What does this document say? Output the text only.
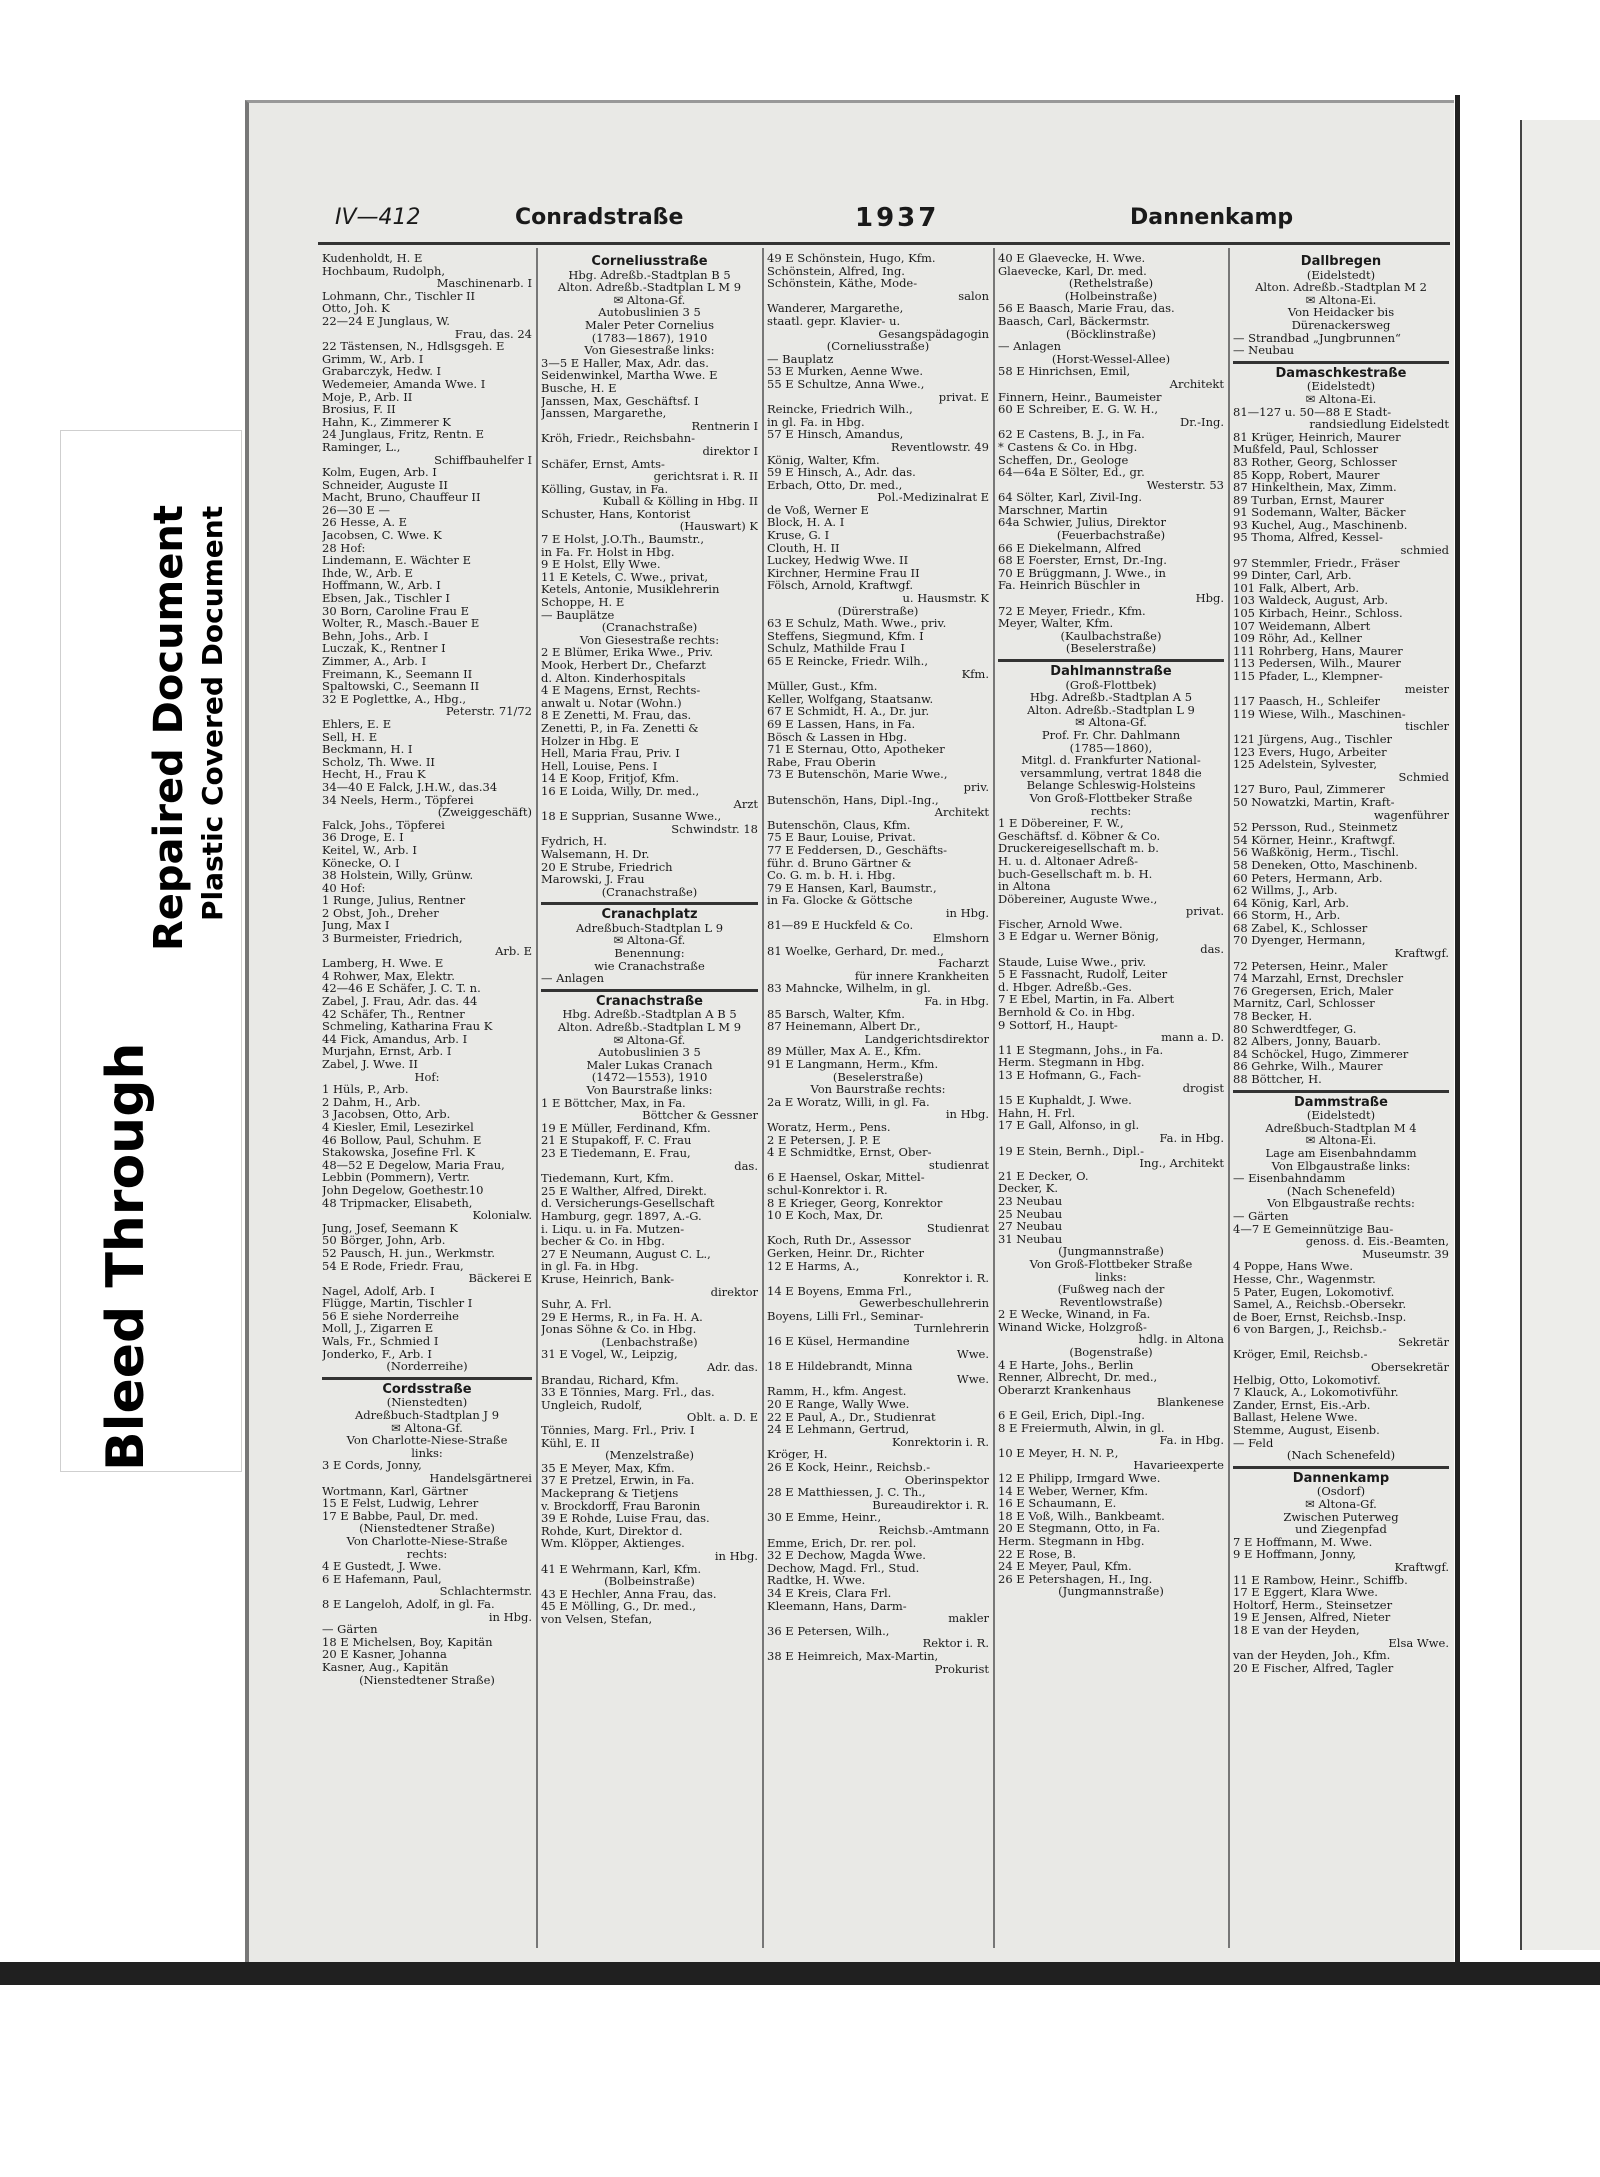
Bleed Through
Repaired Document Plastic Covered Document
IV—412	Conradstraße	1937	Dannenkamp

Kudenholdt, H. E

Hochbaum, Rudolph,

Maschinenarb. I

Lohmann, Chr., Tischler II

Otto, Joh. K

22—24 E Junglaus, W.

Frau, das. 24

22 Tästensen, N., Hdlsgsgeh. E

Grimm, W., Arb. I

Grabarczyk, Hedw. I

Wedemeier, Amanda Wwe. I

Moje, P., Arb. II

Brosius, F. II

Hahn, K., Zimmerer K

24 Junglaus, Fritz, Rentn. E

Raminger, L.,

Schiffbauhelfer I

Kolm, Eugen, Arb. I

Schneider, Auguste II

Macht, Bruno, Chauffeur II

26—30 E —

26 Hesse, A. E

Jacobsen, C. Wwe. K

28 Hof:

Lindemann, E. Wächter E

Ihde, W., Arb. E

Hoffmann, W., Arb. I

Ebsen, Jak., Tischler I

30 Born, Caroline Frau E

Wolter, R., Masch.-Bauer E

Behn, Johs., Arb. I

Luczak, K., Rentner I

Zimmer, A., Arb. I

Freimann, K., Seemann II

Spaltowski, C., Seemann II

32 E Poglettke, A., Hbg.,

Peterstr. 71/72

Ehlers, E. E

Sell, H. E

Beckmann, H. I

Scholz, Th. Wwe. II

Hecht, H., Frau K

34—40 E Falck, J.H.W., das.34

34 Neels, Herm., Töpferei

(Zweiggeschäft)

Falck, Johs., Töpferei

36 Droge, E. I

Keitel, W., Arb. I

Könecke, O. I

38 Holstein, Willy, Grünw.

40 Hof:

1 Runge, Julius, Rentner

2 Obst, Joh., Dreher

Jung, Max I

3 Burmeister, Friedrich,

Arb. E

Lamberg, H. Wwe. E

4 Rohwer, Max, Elektr.

42—46 E Schäfer, J. C. T. n.

Zabel, J. Frau, Adr. das. 44

42 Schäfer, Th., Rentner

Schmeling, Katharina Frau K

44 Fick, Amandus, Arb. I

Murjahn, Ernst, Arb. I

Zabel, J. Wwe. II

Hof:

1 Hüls, P., Arb.

2 Dahm, H., Arb.

3 Jacobsen, Otto, Arb.

4 Kiesler, Emil, Lesezirkel

46 Bollow, Paul, Schuhm. E

Stakowska, Josefine Frl. K

48—52 E Degelow, Maria Frau,

Lebbin (Pommern), Vertr.

John Degelow, Goethestr.10

48 Tripmacker, Elisabeth,

Kolonialw.

Jung, Josef, Seemann K

50 Börger, John, Arb.

52 Pausch, H. jun., Werkmstr.

54 E Rode, Friedr. Frau,

Bäckerei E

Nagel, Adolf, Arb. I

Flügge, Martin, Tischler I

56 E siehe Norderreihe

Moll, J., Zigarren E

Wals, Fr., Schmied I

Jonderko, F., Arb. I

(Norderreihe)

Cordsstraße

(Nienstedten)

Adreßbuch-Stadtplan J 9

✉ Altona-Gf.

Von Charlotte-Niese-Straße

links:

3 E Cords, Jonny,

Handelsgärtnerei

Wortmann, Karl, Gärtner

15 E Felst, Ludwig, Lehrer

17 E Babbe, Paul, Dr. med.

(Nienstedtener Straße)

Von Charlotte-Niese-Straße

rechts:

4 E Gustedt, J. Wwe.

6 E Hafemann, Paul,

Schlachtermstr.

8 E Langeloh, Adolf, in gl. Fa.

in Hbg.

— Gärten

18 E Michelsen, Boy, Kapitän

20 E Kasner, Johanna

Kasner, Aug., Kapitän

(Nienstedtener Straße)

Corneliusstraße

Hbg. Adreßb.-Stadtplan B 5

Alton. Adreßb.-Stadtplan L M 9

✉ Altona-Gf.

Autobuslinien 3 5

Maler Peter Cornelius

(1783—1867), 1910

Von Giesestraße links:

3—5 E Haller, Max, Adr. das.

Seidenwinkel, Martha Wwe. E

Busche, H. E

Janssen, Max, Geschäftsf. I

Janssen, Margarethe,

Rentnerin I

Kröh, Friedr., Reichsbahn-

direktor I

Schäfer, Ernst, Amts-

gerichtsrat i. R. II

Kölling, Gustav, in Fa.

Kuball & Kölling in Hbg. II

Schuster, Hans, Kontorist

(Hauswart) K

7 E Holst, J.O.Th., Baumstr.,

in Fa. Fr. Holst in Hbg.

9 E Holst, Elly Wwe.

11 E Ketels, C. Wwe., privat,

Ketels, Antonie, Musiklehrerin

Schoppe, H. E

— Bauplätze

(Cranachstraße)

Von Giesestraße rechts:

2 E Blümer, Erika Wwe., Priv.

Mook, Herbert Dr., Chefarzt

d. Alton. Kinderhospitals

4 E Magens, Ernst, Rechts-

anwalt u. Notar (Wohn.)

8 E Zenetti, M. Frau, das.

Zenetti, P., in Fa. Zenetti &

Holzer in Hbg. E

Hell, Maria Frau, Priv. I

Hell, Louise, Pens. I

14 E Koop, Fritjof, Kfm.

16 E Loida, Willy, Dr. med.,

Arzt

18 E Supprian, Susanne Wwe.,

Schwindstr. 18

Fydrich, H.

Walsemann, H. Dr.

20 E Strube, Friedrich

Marowski, J. Frau

(Cranachstraße)

Cranachplatz

Adreßbuch-Stadtplan L 9

✉ Altona-Gf.

Benennung:

wie Cranachstraße

— Anlagen

Cranachstraße

Hbg. Adreßb.-Stadtplan A B 5

Alton. Adreßb.-Stadtplan L M 9

✉ Altona-Gf.

Autobuslinien 3 5

Maler Lukas Cranach

(1472—1553), 1910

Von Baurstraße links:

1 E Böttcher, Max, in Fa.

Böttcher & Gessner

19 E Müller, Ferdinand, Kfm.

21 E Stupakoff, F. C. Frau

23 E Tiedemann, E. Frau,

das.

Tiedemann, Kurt, Kfm.

25 E Walther, Alfred, Direkt.

d. Versicherungs-Gesellschaft

Hamburg, gegr. 1897, A.-G.

i. Liqu. u. in Fa. Mutzen-

becher & Co. in Hbg.

27 E Neumann, August C. L.,

in gl. Fa. in Hbg.

Kruse, Heinrich, Bank-

direktor

Suhr, A. Frl.

29 E Herms, R., in Fa. H. A.

Jonas Söhne & Co. in Hbg.

(Lenbachstraße)

31 E Vogel, W., Leipzig,

Adr. das.

Brandau, Richard, Kfm.

33 E Tönnies, Marg. Frl., das.

Ungleich, Rudolf,

Oblt. a. D. E

Tönnies, Marg. Frl., Priv. I

Kühl, E. II

(Menzelstraße)

35 E Meyer, Max, Kfm.

37 E Pretzel, Erwin, in Fa.

Mackeprang & Tietjens

v. Brockdorff, Frau Baronin

39 E Rohde, Luise Frau, das.

Rohde, Kurt, Direktor d.

Wm. Klöpper, Aktienges.

in Hbg.

41 E Wehrmann, Karl, Kfm.

(Bolbeinstraße)

43 E Hechler, Anna Frau, das.

45 E Mölling, G., Dr. med.,

von Velsen, Stefan,

49 E Schönstein, Hugo, Kfm.

Schönstein, Alfred, Ing.

Schönstein, Käthe, Mode-

salon

Wanderer, Margarethe,

staatl. gepr. Klavier- u.

Gesangspädagogin

(Corneliusstraße)

— Bauplatz

53 E Murken, Aenne Wwe.

55 E Schultze, Anna Wwe.,

privat. E

Reincke, Friedrich Wilh.,

in gl. Fa. in Hbg.

57 E Hinsch, Amandus,

Reventlowstr. 49

König, Walter, Kfm.

59 E Hinsch, A., Adr. das.

Erbach, Otto, Dr. med.,

Pol.-Medizinalrat E

de Voß, Werner E

Block, H. A. I

Kruse, G. I

Clouth, H. II

Luckey, Hedwig Wwe. II

Kirchner, Hermine Frau II

Fölsch, Arnold, Kraftwgf.

u. Hausmstr. K

(Dürerstraße)

63 E Schulz, Math. Wwe., priv.

Steffens, Siegmund, Kfm. I

Schulz, Mathilde Frau I

65 E Reincke, Friedr. Wilh.,

Kfm.

Müller, Gust., Kfm.

Keller, Wolfgang, Staatsanw.

67 E Schmidt, H. A., Dr. jur.

69 E Lassen, Hans, in Fa.

Bösch & Lassen in Hbg.

71 E Sternau, Otto, Apotheker

Rabe, Frau Oberin

73 E Butenschön, Marie Wwe.,

priv.

Butenschön, Hans, Dipl.-Ing.,

Architekt

Butenschön, Claus, Kfm.

75 E Baur, Louise, Privat.

77 E Feddersen, D., Geschäfts-

führ. d. Bruno Gärtner &

Co. G. m. b. H. i. Hbg.

79 E Hansen, Karl, Baumstr.,

in Fa. Glocke & Göttsche

in Hbg.

81—89 E Huckfeld & Co.

Elmshorn

81 Woelke, Gerhard, Dr. med.,

Facharzt

für innere Krankheiten

83 Mahncke, Wilhelm, in gl.

Fa. in Hbg.

85 Barsch, Walter, Kfm.

87 Heinemann, Albert Dr.,

Landgerichtsdirektor

89 Müller, Max A. E., Kfm.

91 E Langmann, Herm., Kfm.

(Beselerstraße)

Von Baurstraße rechts:

2a E Woratz, Willi, in gl. Fa.

in Hbg.

Woratz, Herm., Pens.

2 E Petersen, J. P. E

4 E Schmidtke, Ernst, Ober-

studienrat

6 E Haensel, Oskar, Mittel-

schul-Konrektor i. R.

8 E Krieger, Georg, Konrektor

10 E Koch, Max, Dr.

Studienrat

Koch, Ruth Dr., Assessor

Gerken, Heinr. Dr., Richter

12 E Harms, A.,

Konrektor i. R.

14 E Boyens, Emma Frl.,

Gewerbeschullehrerin

Boyens, Lilli Frl., Seminar-

Turnlehrerin

16 E Küsel, Hermandine

Wwe.

18 E Hildebrandt, Minna

Wwe.

Ramm, H., kfm. Angest.

20 E Range, Wally Wwe.

22 E Paul, A., Dr., Studienrat

24 E Lehmann, Gertrud,

Konrektorin i. R.

Kröger, H.

26 E Kock, Heinr., Reichsb.-

Oberinspektor

28 E Matthiessen, J. C. Th.,

Bureaudirektor i. R.

30 E Emme, Heinr.,

Reichsb.-Amtmann

Emme, Erich, Dr. rer. pol.

32 E Dechow, Magda Wwe.

Dechow, Magd. Frl., Stud.

Radtke, H. Wwe.

34 E Kreis, Clara Frl.

Kleemann, Hans, Darm-

makler

36 E Petersen, Wilh.,

Rektor i. R.

38 E Heimreich, Max-Martin,

Prokurist

40 E Glaevecke, H. Wwe.

Glaevecke, Karl, Dr. med.

(Rethelstraße)

(Holbeinstraße)

56 E Baasch, Marie Frau, das.

Baasch, Carl, Bäckermstr.

(Böcklinstraße)

— Anlagen

(Horst-Wessel-Allee)

58 E Hinrichsen, Emil,

Architekt

Finnern, Heinr., Baumeister

60 E Schreiber, E. G. W. H.,

Dr.-Ing.

62 E Castens, B. J., in Fa.

* Castens & Co. in Hbg.

Scheffen, Dr., Geologe

64—64a E Sölter, Ed., gr.

Westerstr. 53

64 Sölter, Karl, Zivil-Ing.

Marschner, Martin

64a Schwier, Julius, Direktor

(Feuerbachstraße)

66 E Diekelmann, Alfred

68 E Foerster, Ernst, Dr.-Ing.

70 E Brüggmann, J. Wwe., in

Fa. Heinrich Büschler in

Hbg.

72 E Meyer, Friedr., Kfm.

Meyer, Walter, Kfm.

(Kaulbachstraße)

(Beselerstraße)

Dahlmannstraße

(Groß-Flottbek)

Hbg. Adreßb.-Stadtplan A 5

Alton. Adreßb.-Stadtplan L 9

✉ Altona-Gf.

Prof. Fr. Chr. Dahlmann

(1785—1860),

Mitgl. d. Frankfurter National-

versammlung, vertrat 1848 die

Belange Schleswig-Holsteins

Von Groß-Flottbeker Straße

rechts:

1 E Döbereiner, F. W.,

Geschäftsf. d. Köbner & Co.

Druckereigesellschaft m. b.

H. u. d. Altonaer Adreß-

buch-Gesellschaft m. b. H.

in Altona

Döbereiner, Auguste Wwe.,

privat.

Fischer, Arnold Wwe.

3 E Edgar u. Werner Bönig,

das.

Staude, Luise Wwe., priv.

5 E Fassnacht, Rudolf, Leiter

d. Hbger. Adreßb.-Ges.

7 E Ebel, Martin, in Fa. Albert

Bernhold & Co. in Hbg.

9 Sottorf, H., Haupt-

mann a. D.

11 E Stegmann, Johs., in Fa.

Herm. Stegmann in Hbg.

13 E Hofmann, G., Fach-

drogist

15 E Kuphaldt, J. Wwe.

Hahn, H. Frl.

17 E Gall, Alfonso, in gl.

Fa. in Hbg.

19 E Stein, Bernh., Dipl.-

Ing., Architekt

21 E Decker, O.

Decker, K.

23 Neubau

25 Neubau

27 Neubau

31 Neubau

(Jungmannstraße)

Von Groß-Flottbeker Straße

links:

(Fußweg nach der

Reventlowstraße)

2 E Wecke, Winand, in Fa.

Winand Wicke, Holzgroß-

hdlg. in Altona

(Bogenstraße)

4 E Harte, Johs., Berlin

Renner, Albrecht, Dr. med.,

Oberarzt Krankenhaus

Blankenese

6 E Geil, Erich, Dipl.-Ing.

8 E Freiermuth, Alwin, in gl.

Fa. in Hbg.

10 E Meyer, H. N. P.,

Havarieexperte

12 E Philipp, Irmgard Wwe.

14 E Weber, Werner, Kfm.

16 E Schaumann, E.

18 E Voß, Wilh., Bankbeamt.

20 E Stegmann, Otto, in Fa.

Herm. Stegmann in Hbg.

22 E Rose, B.

24 E Meyer, Paul, Kfm.

26 E Petershagen, H., Ing.

(Jungmannstraße)

Dallbregen

(Eidelstedt)

Alton. Adreßb.-Stadtplan M 2

✉ Altona-Ei.

Von Heidacker bis

Dürenackersweg

— Strandbad „Jungbrunnen“

— Neubau

Damaschkestraße

(Eidelstedt)

✉ Altona-Ei.

81—127 u. 50—88 E Stadt-

randsiedlung Eidelstedt

81 Krüger, Heinrich, Maurer

Mußfeld, Paul, Schlosser

83 Rother, Georg, Schlosser

85 Kopp, Robert, Maurer

87 Hinkelthein, Max, Zimm.

89 Turban, Ernst, Maurer

91 Sodemann, Walter, Bäcker

93 Kuchel, Aug., Maschinenb.

95 Thoma, Alfred, Kessel-

schmied

97 Stemmler, Friedr., Fräser

99 Dinter, Carl, Arb.

101 Falk, Albert, Arb.

103 Waldeck, August, Arb.

105 Kirbach, Heinr., Schloss.

107 Weidemann, Albert

109 Röhr, Ad., Kellner

111 Rohrberg, Hans, Maurer

113 Pedersen, Wilh., Maurer

115 Pfader, L., Klempner-

meister

117 Paasch, H., Schleifer

119 Wiese, Wilh., Maschinen-

tischler

121 Jürgens, Aug., Tischler

123 Evers, Hugo, Arbeiter

125 Adelstein, Sylvester,

Schmied

127 Buro, Paul, Zimmerer

50 Nowatzki, Martin, Kraft-

wagenführer

52 Persson, Rud., Steinmetz

54 Körner, Heinr., Kraftwgf.

56 Waßkönig, Herm., Tischl.

58 Deneken, Otto, Maschinenb.

60 Peters, Hermann, Arb.

62 Willms, J., Arb.

64 König, Karl, Arb.

66 Storm, H., Arb.

68 Zabel, K., Schlosser

70 Dyenger, Hermann,

Kraftwgf.

72 Petersen, Heinr., Maler

74 Marzahl, Ernst, Drechsler

76 Gregersen, Erich, Maler

Marnitz, Carl, Schlosser

78 Becker, H.

80 Schwerdtfeger, G.

82 Albers, Jonny, Bauarb.

84 Schöckel, Hugo, Zimmerer

86 Gehrke, Wilh., Maurer

88 Böttcher, H.

Dammstraße

(Eidelstedt)

Adreßbuch-Stadtplan M 4

✉ Altona-Ei.

Lage am Eisenbahndamm

Von Elbgaustraße links:

— Eisenbahndamm

(Nach Schenefeld)

Von Elbgaustraße rechts:

— Gärten

4—7 E Gemeinnützige Bau-

genoss. d. Eis.-Beamten,

Museumstr. 39

4 Poppe, Hans Wwe.

Hesse, Chr., Wagenmstr.

5 Pater, Eugen, Lokomotivf.

Samel, A., Reichsb.-Obersekr.

de Boer, Ernst, Reichsb.-Insp.

6 von Bargen, J., Reichsb.-

Sekretär

Kröger, Emil, Reichsb.-

Obersekretär

Helbig, Otto, Lokomotivf.

7 Klauck, A., Lokomotivführ.

Zander, Ernst, Eis.-Arb.

Ballast, Helene Wwe.

Stemme, August, Eisenb.

— Feld

(Nach Schenefeld)

Dannenkamp

(Osdorf)

✉ Altona-Gf.

Zwischen Puterweg

und Ziegenpfad

7 E Hoffmann, M. Wwe.

9 E Hoffmann, Jonny,

Kraftwgf.

11 E Rambow, Heinr., Schiffb.

17 E Eggert, Klara Wwe.

Holtorf, Herm., Steinsetzer

19 E Jensen, Alfred, Nieter

18 E van der Heyden,

Elsa Wwe.

van der Heyden, Joh., Kfm.

20 E Fischer, Alfred, Tagler
